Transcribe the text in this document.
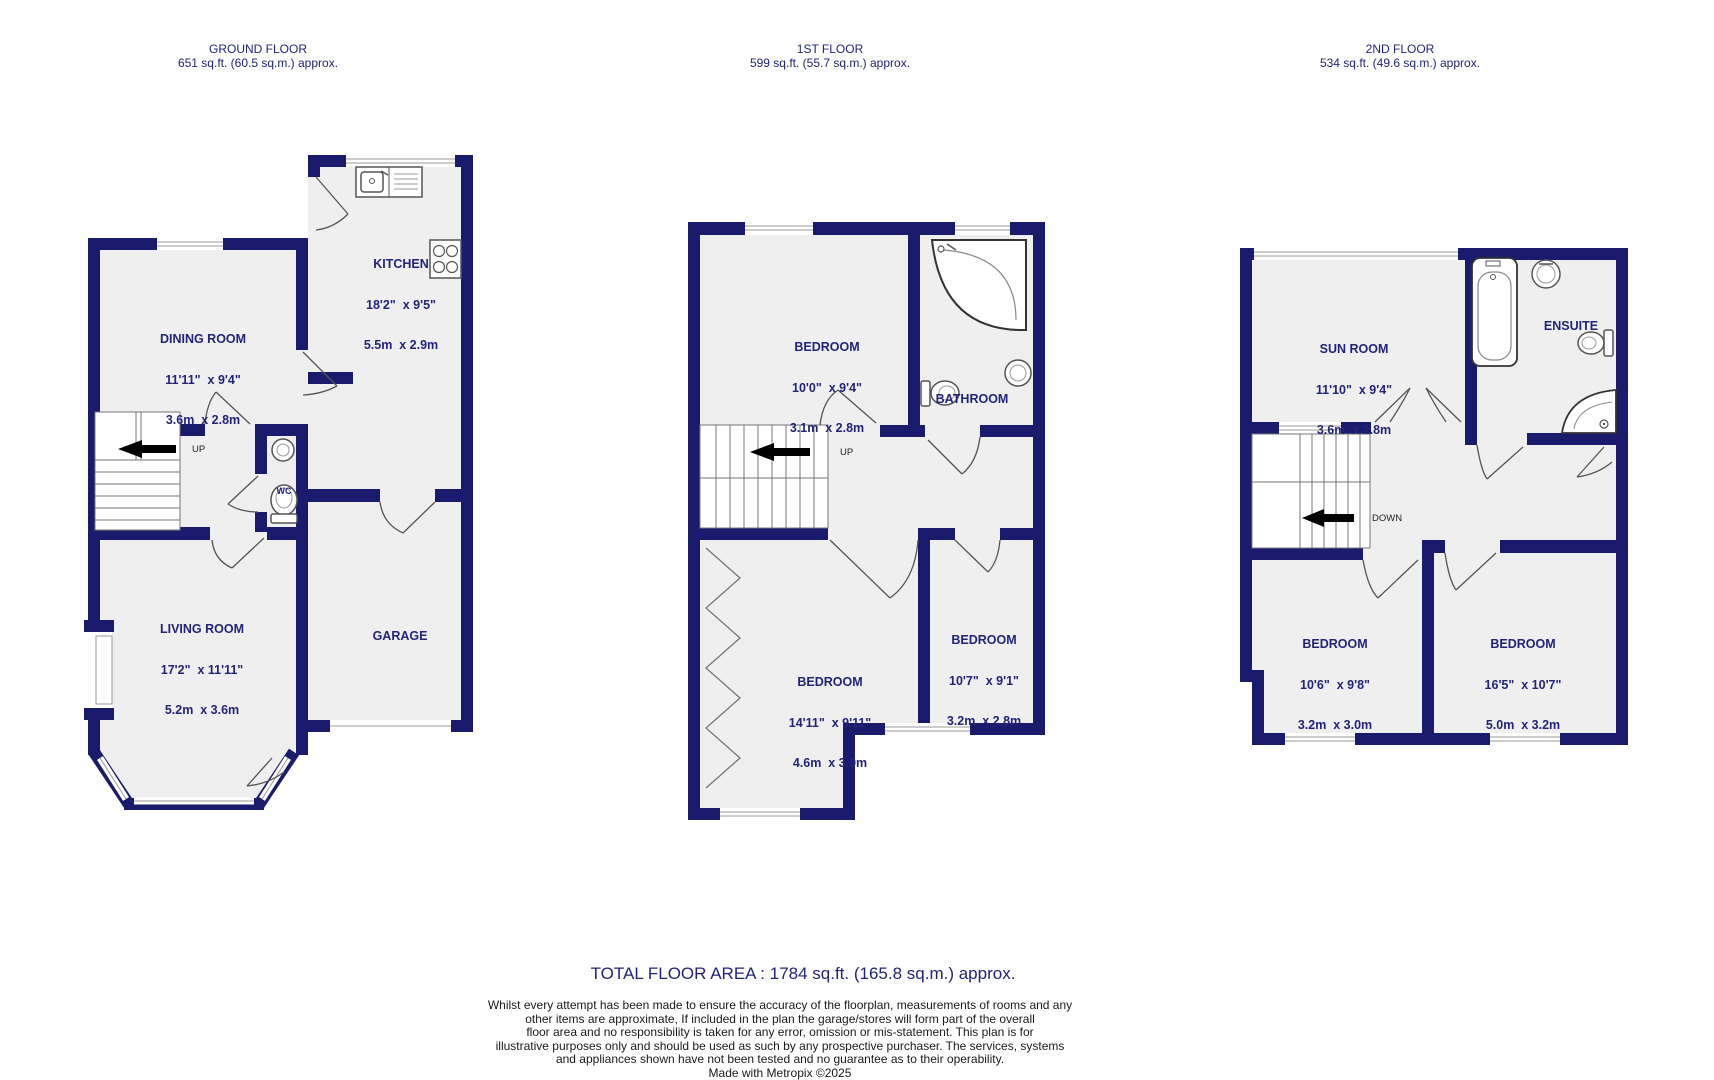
GROUND FLOOR
651 sq.ft. (60.5 sq.m.) approx.
1ST FLOOR
599 sq.ft. (55.7 sq.m.) approx.
2ND FLOOR
534 sq.ft. (49.6 sq.m.) approx.

DINING ROOM

11'11"  x 9'4"

3.6m  x 2.8m

KITCHEN

18'2"  x 9'5"

5.5m  x 2.9m

LIVING ROOM

17'2"  x 11'11"

5.2m  x 3.6m

GARAGE

WC

UP

BEDROOM

10'0"  x 9'4"

3.1m  x 2.8m

BATHROOM

BEDROOM

14'11"  x 9'11"

4.6m  x 3.0m

BEDROOM

10'7"  x 9'1"

3.2m  x 2.8m

UP

SUN ROOM

11'10"  x 9'4"

3.6m  x 2.8m

ENSUITE

BEDROOM

10'6"  x 9'8"

3.2m  x 3.0m

BEDROOM

16'5"  x 10'7"

5.0m  x 3.2m

DOWN
TOTAL FLOOR AREA : 1784 sq.ft. (165.8 sq.m.) approx.
Whilst every attempt has been made to ensure the accuracy of the floorplan, measurements of rooms and any
other items are approximate, If included in the plan the garage/stores will form part of the overall
floor area and no responsibility is taken for any error, omission or mis-statement. This plan is for
illustrative purposes only and should be used as such by any prospective purchaser. The services, systems
and appliances shown have not been tested and no guarantee as to their operability.
Made with Metropix ©2025
